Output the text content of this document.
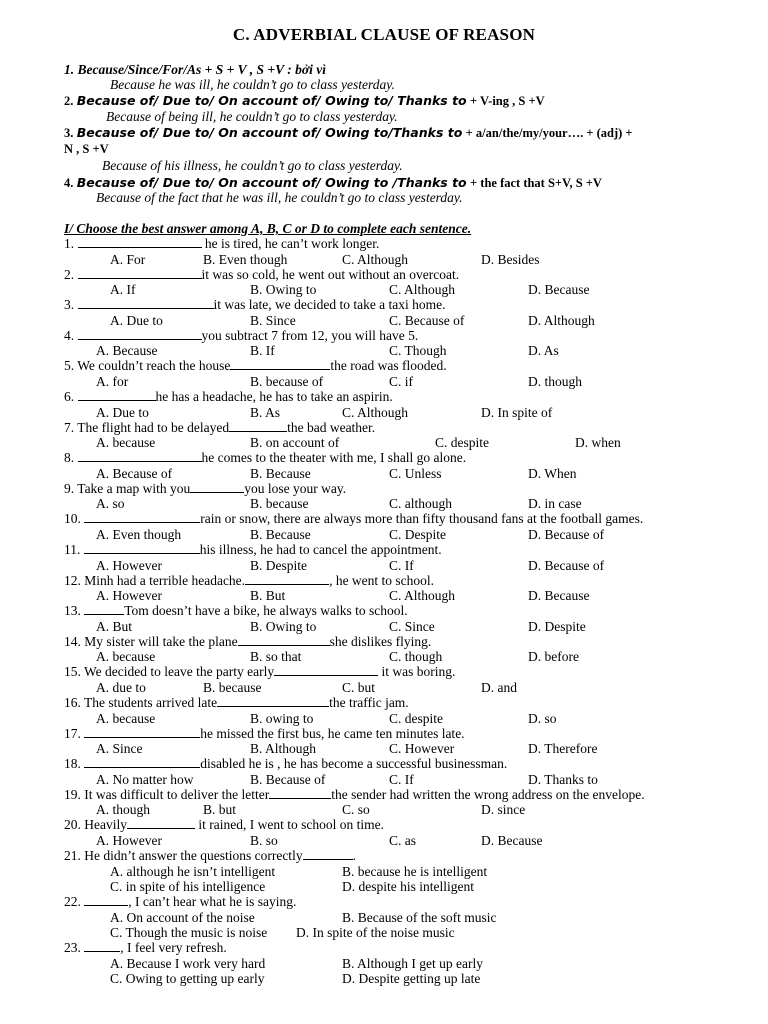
C. ADVERBIAL CLAUSE OF REASON
1. Because/Since/For/As + S + V , S +V : bởi vì
Because he was ill, he couldn’t go to class yesterday.
2. Because of/ Due to/ On account of/ Owing to/ Thanks to + V-ing , S +V
Because of being ill, he couldn’t go to class yesterday.
3. Because of/ Due to/ On account of/ Owing to/Thanks to + a/an/the/my/your…. + (adj) +
N , S +V
Because of his illness, he couldn’t go to class yesterday.
4. Because of/ Due to/ On account of/ Owing to /Thanks to + the fact that S+V, S +V
Because of the fact that he was ill, he couldn’t go to class yesterday.
I/ Choose the best answer among A, B, C or D to complete each sentence.
1.	he is tired, he can’t work longer.
A. For	B. Even though	C. Although	D. Besides
2.	it was so cold, he went out without an overcoat.
A. If	B. Owing to	C. Although	D. Because
3.	it was late, we decided to take a taxi home.
A. Due to	B. Since	C. Because of	D. Although
4.	you subtract 7 from 12, you will have 5.
A. Because	B. If	C. Though	D. As
5. We couldn’t reach the house	the road was flooded.
A. for	B. because of	C. if	D. though
6.	he has a headache, he has to take an aspirin.
A. Due to	B. As	C. Although	D. In spite of
7. The flight had to be delayed	the bad weather.
A. because	B. on account of	C. despite	D. when
8.	he comes to the theater with me, I shall go alone.
A. Because of	B. Because	C. Unless	D. When
9. Take a map with you	you lose your way.
A. so	B. because	C. although	D. in case
10.	rain or snow, there are always more than fifty thousand fans at the football games.
A. Even though	B. Because	C. Despite	D. Because of
11.	his illness, he had to cancel the appointment.
A. However	B. Despite	C. If	D. Because of
12. Minh had a terrible headache.	, he went to school.
A. However	B. But	C. Although	D. Because
13.	Tom doesn’t have a bike, he always walks to school.
A. But	B. Owing to	C. Since	D. Despite
14. My sister will take the plane	she dislikes flying.
A. because	B. so that	C. though	D. before
15. We decided to leave the party early	it was boring.
A. due to	B. because	C. but	D. and
16. The students arrived late	the traffic jam.
A. because	B. owing to	C. despite	D. so
17.	he missed the first bus, he came ten minutes late.
A. Since	B. Although	C. However	D. Therefore
18.	disabled he is , he has become a successful businessman.
A. No matter how	B. Because of	C. If	D. Thanks to
19. It was difficult to deliver the letter	the sender had written the wrong address on the envelope.
A. though	B. but	C. so	D. since
20. Heavily	it rained, I went to school on time.
A. However	B. so	C. as	D. Because
21. He didn’t answer the questions correctly	.
A. although he isn’t intelligent	B. because he is intelligent
C. in spite of his intelligence	D. despite his intelligent
22.	, I can’t hear what he is saying.
A. On account of the noise	B. Because of the soft music
C. Though the music is noise D. In spite of the noise music
23.	, I feel very refresh.
A. Because I work very hard	B. Although I get up early
C. Owing to getting up early	D. Despite getting up late
